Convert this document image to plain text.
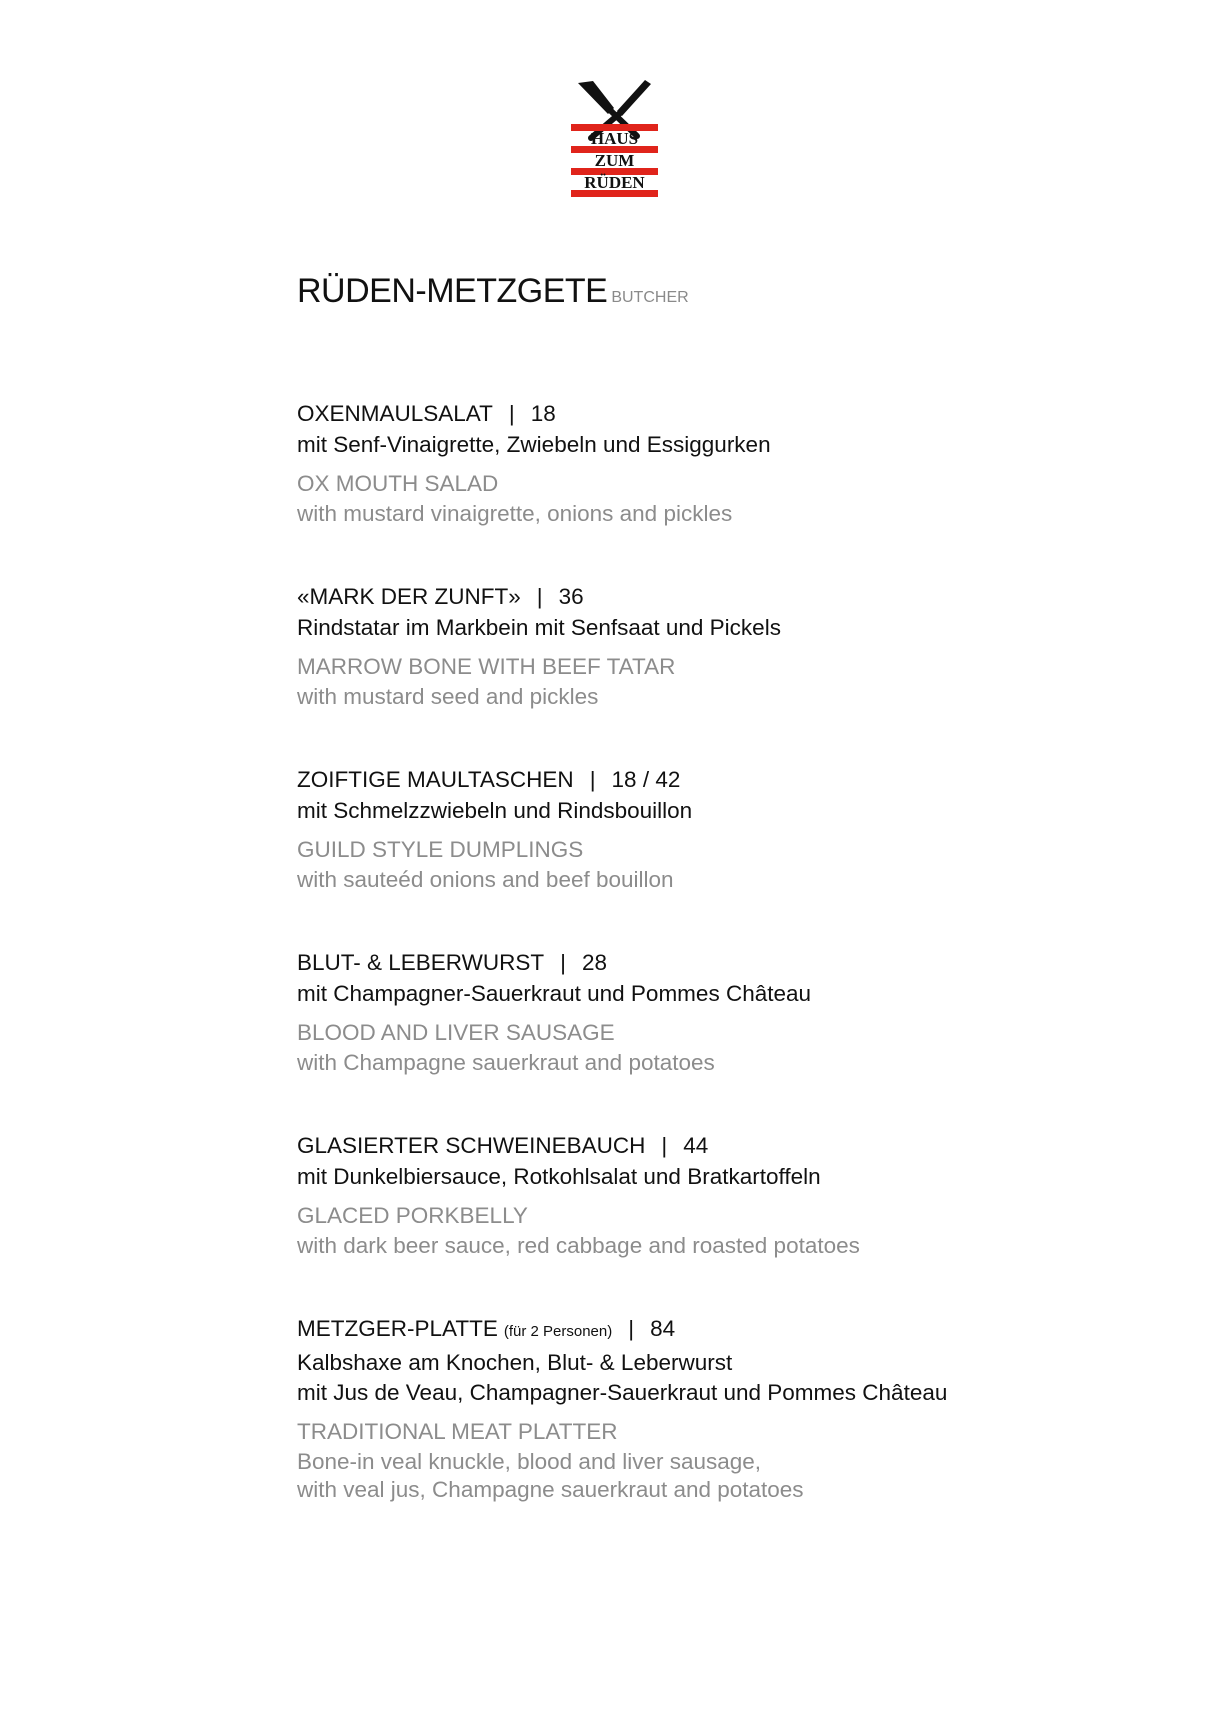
HAUS
ZUM
RÜDEN
RÜDEN-METZGETE BUTCHER
OXENMAULSALAT | 18
mit Senf-Vinaigrette, Zwiebeln und Essiggurken
OX MOUTH SALAD
with mustard vinaigrette, onions and pickles
«MARK DER ZUNFT» | 36
Rindstatar im Markbein mit Senfsaat und Pickels
MARROW BONE WITH BEEF TATAR
with mustard seed and pickles
ZOIFTIGE MAULTASCHEN | 18 / 42
mit Schmelzzwiebeln und Rindsbouillon
GUILD STYLE DUMPLINGS
with sauteéd onions and beef bouillon
BLUT- & LEBERWURST | 28
mit Champagner-Sauerkraut und Pommes Château
BLOOD AND LIVER SAUSAGE
with Champagne sauerkraut and potatoes
GLASIERTER SCHWEINEBAUCH | 44
mit Dunkelbiersauce, Rotkohlsalat und Bratkartoffeln
GLACED PORKBELLY
with dark beer sauce, red cabbage and roasted potatoes
METZGER-PLATTE (für 2 Personen) | 84
Kalbshaxe am Knochen, Blut- & Leberwurst
mit Jus de Veau, Champagner-Sauerkraut und Pommes Château
TRADITIONAL MEAT PLATTER
Bone-in veal knuckle, blood and liver sausage,
with veal jus, Champagne sauerkraut and potatoes
